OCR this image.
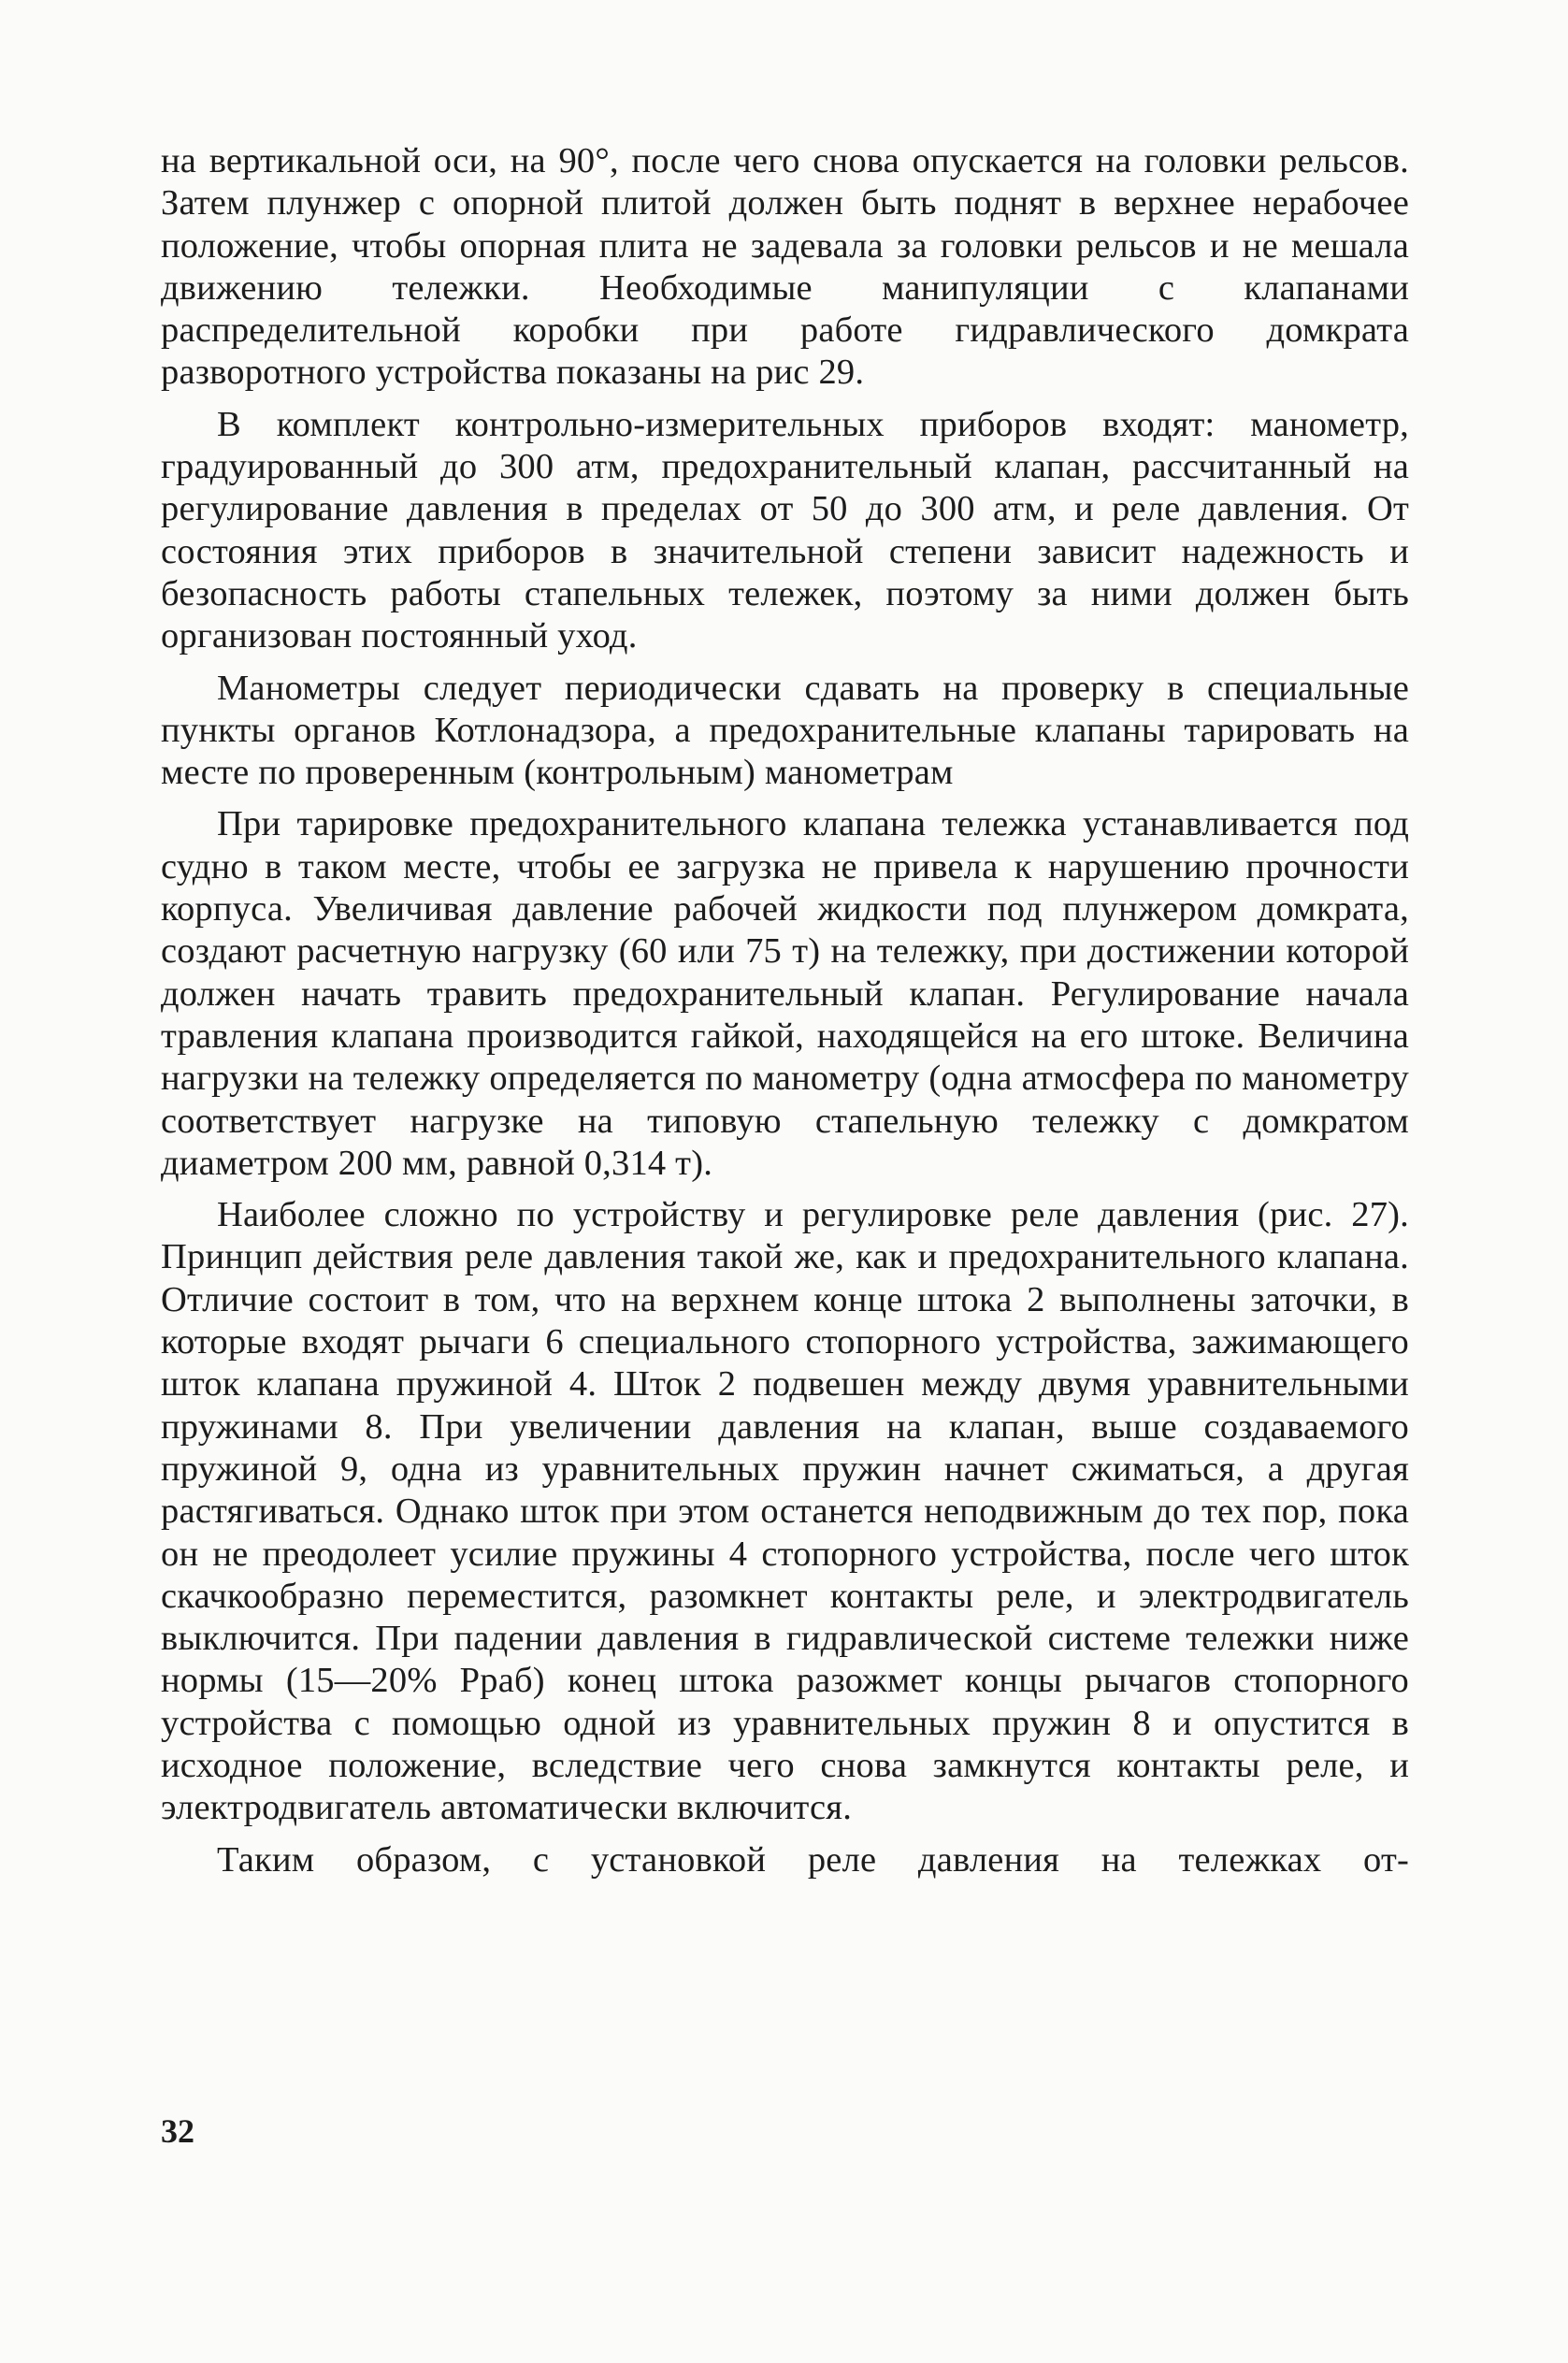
на вертикальной оси, на 90°, после чего снова опускается на головки рельсов. Затем плунжер с опорной плитой должен быть поднят в верхнее нерабочее положение, чтобы опорная плита не задевала за головки рельсов и не мешала движению тележки. Необходимые манипуляции с клапанами распределительной коробки при работе гидравлического домкрата разворотного устройства показаны на рис 29.

В комплект контрольно-измерительных приборов входят: манометр, градуированный до 300 атм, предохранительный клапан, рассчитанный на регулирование давления в пределах от 50 до 300 атм, и реле давления. От состояния этих приборов в значительной степени зависит надежность и безопасность работы стапельных тележек, поэтому за ними должен быть организован постоянный уход.

Манометры следует периодически сдавать на проверку в специальные пункты органов Котлонадзора, а предохранительные клапаны тарировать на месте по проверенным (контрольным) манометрам

При тарировке предохранительного клапана тележка устанавливается под судно в таком месте, чтобы ее загрузка не привела к нарушению прочности корпуса. Увеличивая давление рабочей жидкости под плунжером домкрата, создают расчетную нагрузку (60 или 75 т) на тележку, при достижении которой должен начать травить предохранительный клапан. Регулирование начала травления клапана производится гайкой, находящейся на его штоке. Величина нагрузки на тележку определяется по манометру (одна атмосфера по манометру соответствует нагрузке на типовую стапельную тележку с домкратом диаметром 200 мм, равной 0,314 т).

Наиболее сложно по устройству и регулировке реле давления (рис. 27). Принцип действия реле давления такой же, как и предохранительного клапана. Отличие состоит в том, что на верхнем конце штока 2 выполнены заточки, в которые входят рычаги 6 специального стопорного устройства, зажимающего шток клапана пружиной 4. Шток 2 подвешен между двумя уравнительными пружинами 8. При увеличении давления на клапан, выше создаваемого пружиной 9, одна из уравнительных пружин начнет сжиматься, а другая растягиваться. Однако шток при этом останется неподвижным до тех пор, пока он не преодолеет усилие пружины 4 стопорного устройства, после чего шток скачкообразно переместится, разомкнет контакты реле, и электродвигатель выключится. При падении давления в гидравлической системе тележки ниже нормы (15—20% Pраб) конец штока разожмет концы рычагов стопорного устройства с помощью одной из уравнительных пружин 8 и опустится в исходное положение, вследствие чего снова замкнутся контакты реле, и электродвигатель автоматически включится.

Таким образом, с установкой реле давления на тележках от-

32
